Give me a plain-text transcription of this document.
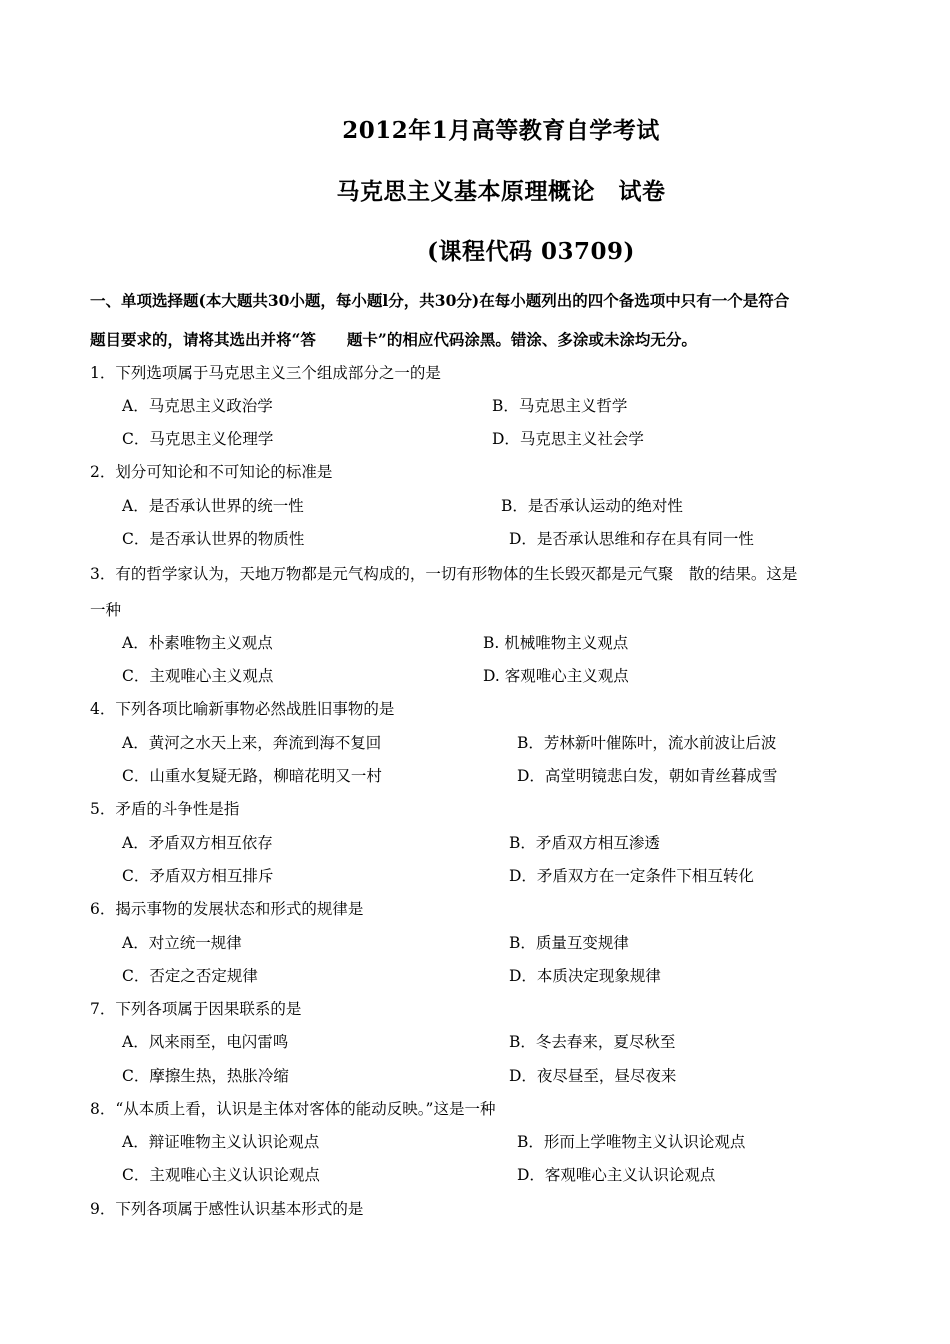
2012年1月高等教育自学考试
马克思主义基本原理概论　试卷
(课程代码 03709)
一、单项选择题(本大题共30小题，每小题l分，共30分)在每小题列出的四个备选项中只有一个是符合
题目要求的，请将其选出并将“答　　题卡”的相应代码涂黑。错涂、多涂或未涂均无分。
1．下列选项属于马克思主义三个组成部分之一的是
A．马克思主义政治学	B．马克思主义哲学
C．马克思主义伦理学	D．马克思主义社会学
2．划分可知论和不可知论的标准是
A．是否承认世界的统一性	B．是否承认运动的绝对性
C．是否承认世界的物质性	D．是否承认思维和存在具有同一性
3．有的哲学家认为，天地万物都是元气构成的，一切有形物体的生长毁灭都是元气聚　散的结果。这是
一种
A．朴素唯物主义观点	B. 机械唯物主义观点
C．主观唯心主义观点	D. 客观唯心主义观点
4．下列各项比喻新事物必然战胜旧事物的是
A．黄河之水天上来，奔流到海不复回	B．芳林新叶催陈叶，流水前波让后波
C．山重水复疑无路，柳暗花明又一村	D．高堂明镜悲白发，朝如青丝暮成雪
5．矛盾的斗争性是指
A．矛盾双方相互依存	B．矛盾双方相互渗透
C．矛盾双方相互排斥	D．矛盾双方在一定条件下相互转化
6．揭示事物的发展状态和形式的规律是
A．对立统一规律	B．质量互变规律
C．否定之否定规律	D．本质决定现象规律
7．下列各项属于因果联系的是
A．风来雨至，电闪雷鸣	B．冬去春来，夏尽秋至
C．摩擦生热，热胀冷缩	D．夜尽昼至，昼尽夜来
8．“从本质上看，认识是主体对客体的能动反映。”这是一种
A．辩证唯物主义认识论观点	B．形而上学唯物主义认识论观点
C．主观唯心主义认识论观点	D．客观唯心主义认识论观点
9．下列各项属于感性认识基本形式的是
